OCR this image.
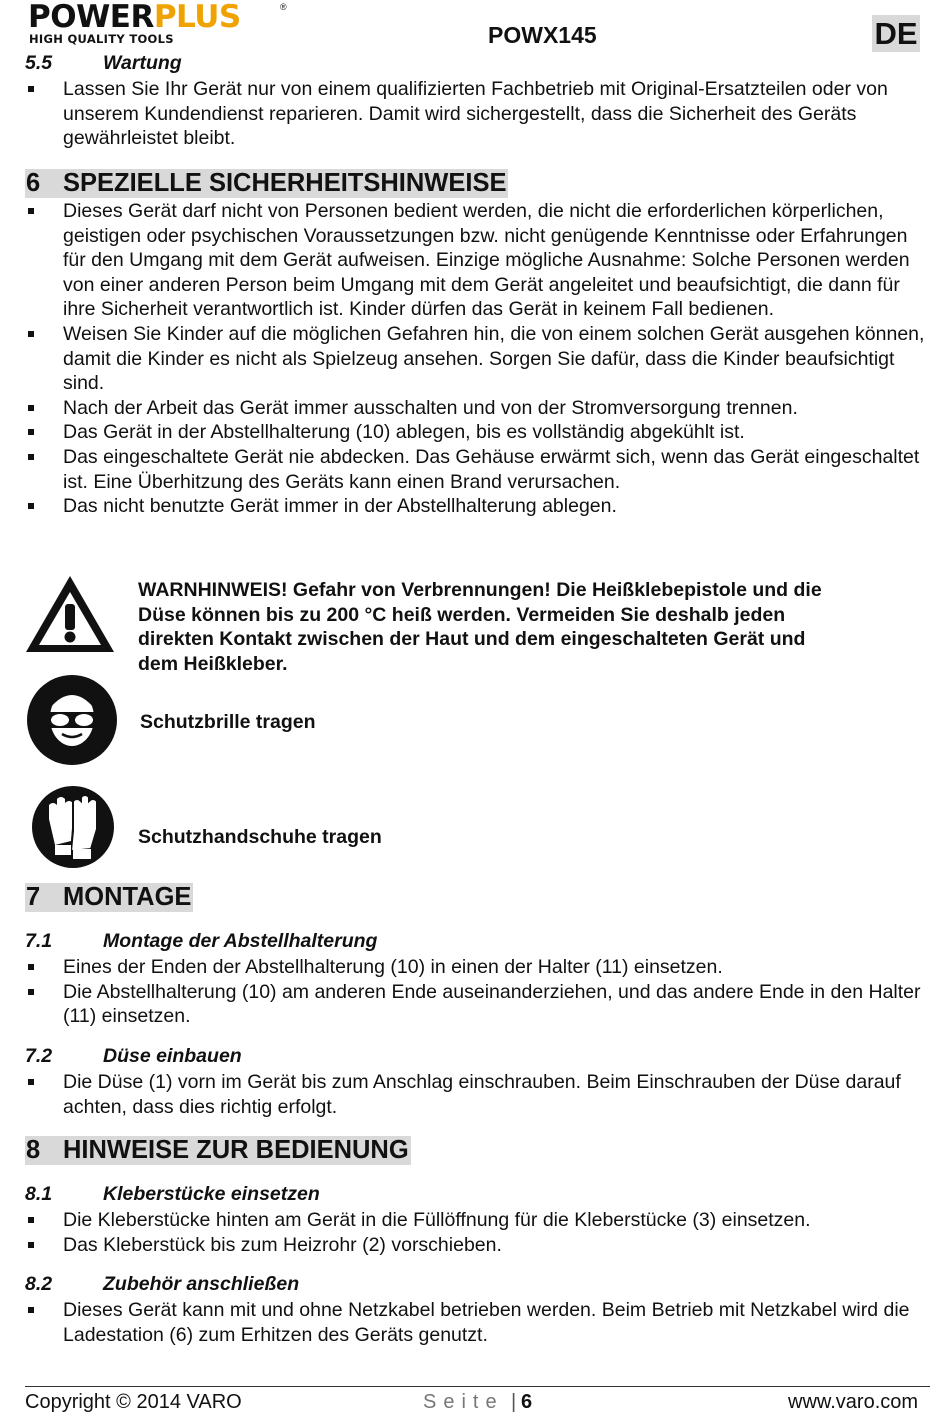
POWERPLUS	®
HIGH QUALITY TOOLS	POWX145	DE
5.5	Wartung
Lassen Sie Ihr Gerät nur von einem qualifizierten Fachbetrieb mit Original-Ersatzteilen oder von unserem Kundendienst reparieren. Damit wird sichergestellt, dass die Sicherheit des Geräts gewährleistet bleibt.
6 SPEZIELLE SICHERHEITSHINWEISE
Dieses Gerät darf nicht von Personen bedient werden, die nicht die erforderlichen körperlichen, geistigen oder psychischen Voraussetzungen bzw. nicht genügende Kenntnisse oder Erfahrungen für den Umgang mit dem Gerät aufweisen. Einzige mögliche Ausnahme: Solche Personen werden von einer anderen Person beim Umgang mit dem Gerät angeleitet und beaufsichtigt, die dann für ihre Sicherheit verantwortlich ist. Kinder dürfen das Gerät in keinem Fall bedienen.
Weisen Sie Kinder auf die möglichen Gefahren hin, die von einem solchen Gerät ausgehen können, damit die Kinder es nicht als Spielzeug ansehen. Sorgen Sie dafür, dass die Kinder beaufsichtigt sind.
Nach der Arbeit das Gerät immer ausschalten und von der Stromversorgung trennen.
Das Gerät in der Abstellhalterung (10) ablegen, bis es vollständig abgekühlt ist.
Das eingeschaltete Gerät nie abdecken. Das Gehäuse erwärmt sich, wenn das Gerät eingeschaltet ist. Eine Überhitzung des Geräts kann einen Brand verursachen.
Das nicht benutzte Gerät immer in der Abstellhalterung ablegen.
WARNHINWEIS! Gefahr von Verbrennungen! Die Heißklebepistole und die
Düse können bis zu 200 °C heiß werden. Vermeiden Sie deshalb jeden
direkten Kontakt zwischen der Haut und dem eingeschalteten Gerät und
dem Heißkleber.
Schutzbrille tragen
Schutzhandschuhe tragen
7 MONTAGE
7.1	Montage der Abstellhalterung
Eines der Enden der Abstellhalterung (10) in einen der Halter (11) einsetzen.
Die Abstellhalterung (10) am anderen Ende auseinanderziehen, und das andere Ende in den Halter (11) einsetzen.
7.2	Düse einbauen
Die Düse (1) vorn im Gerät bis zum Anschlag einschrauben. Beim Einschrauben der Düse darauf achten, dass dies richtig erfolgt.
8 HINWEISE ZUR BEDIENUNG
8.1	Kleberstücke einsetzen
Die Kleberstücke hinten am Gerät in die Füllöffnung für die Kleberstücke (3) einsetzen.
Das Kleberstück bis zum Heizrohr (2) vorschieben.
8.2	Zubehör anschließen
Dieses Gerät kann mit und ohne Netzkabel betrieben werden. Beim Betrieb mit Netzkabel wird die Ladestation (6) zum Erhitzen des Geräts genutzt.
Copyright © 2014 VARO	Seite | 6	www.varo.com
